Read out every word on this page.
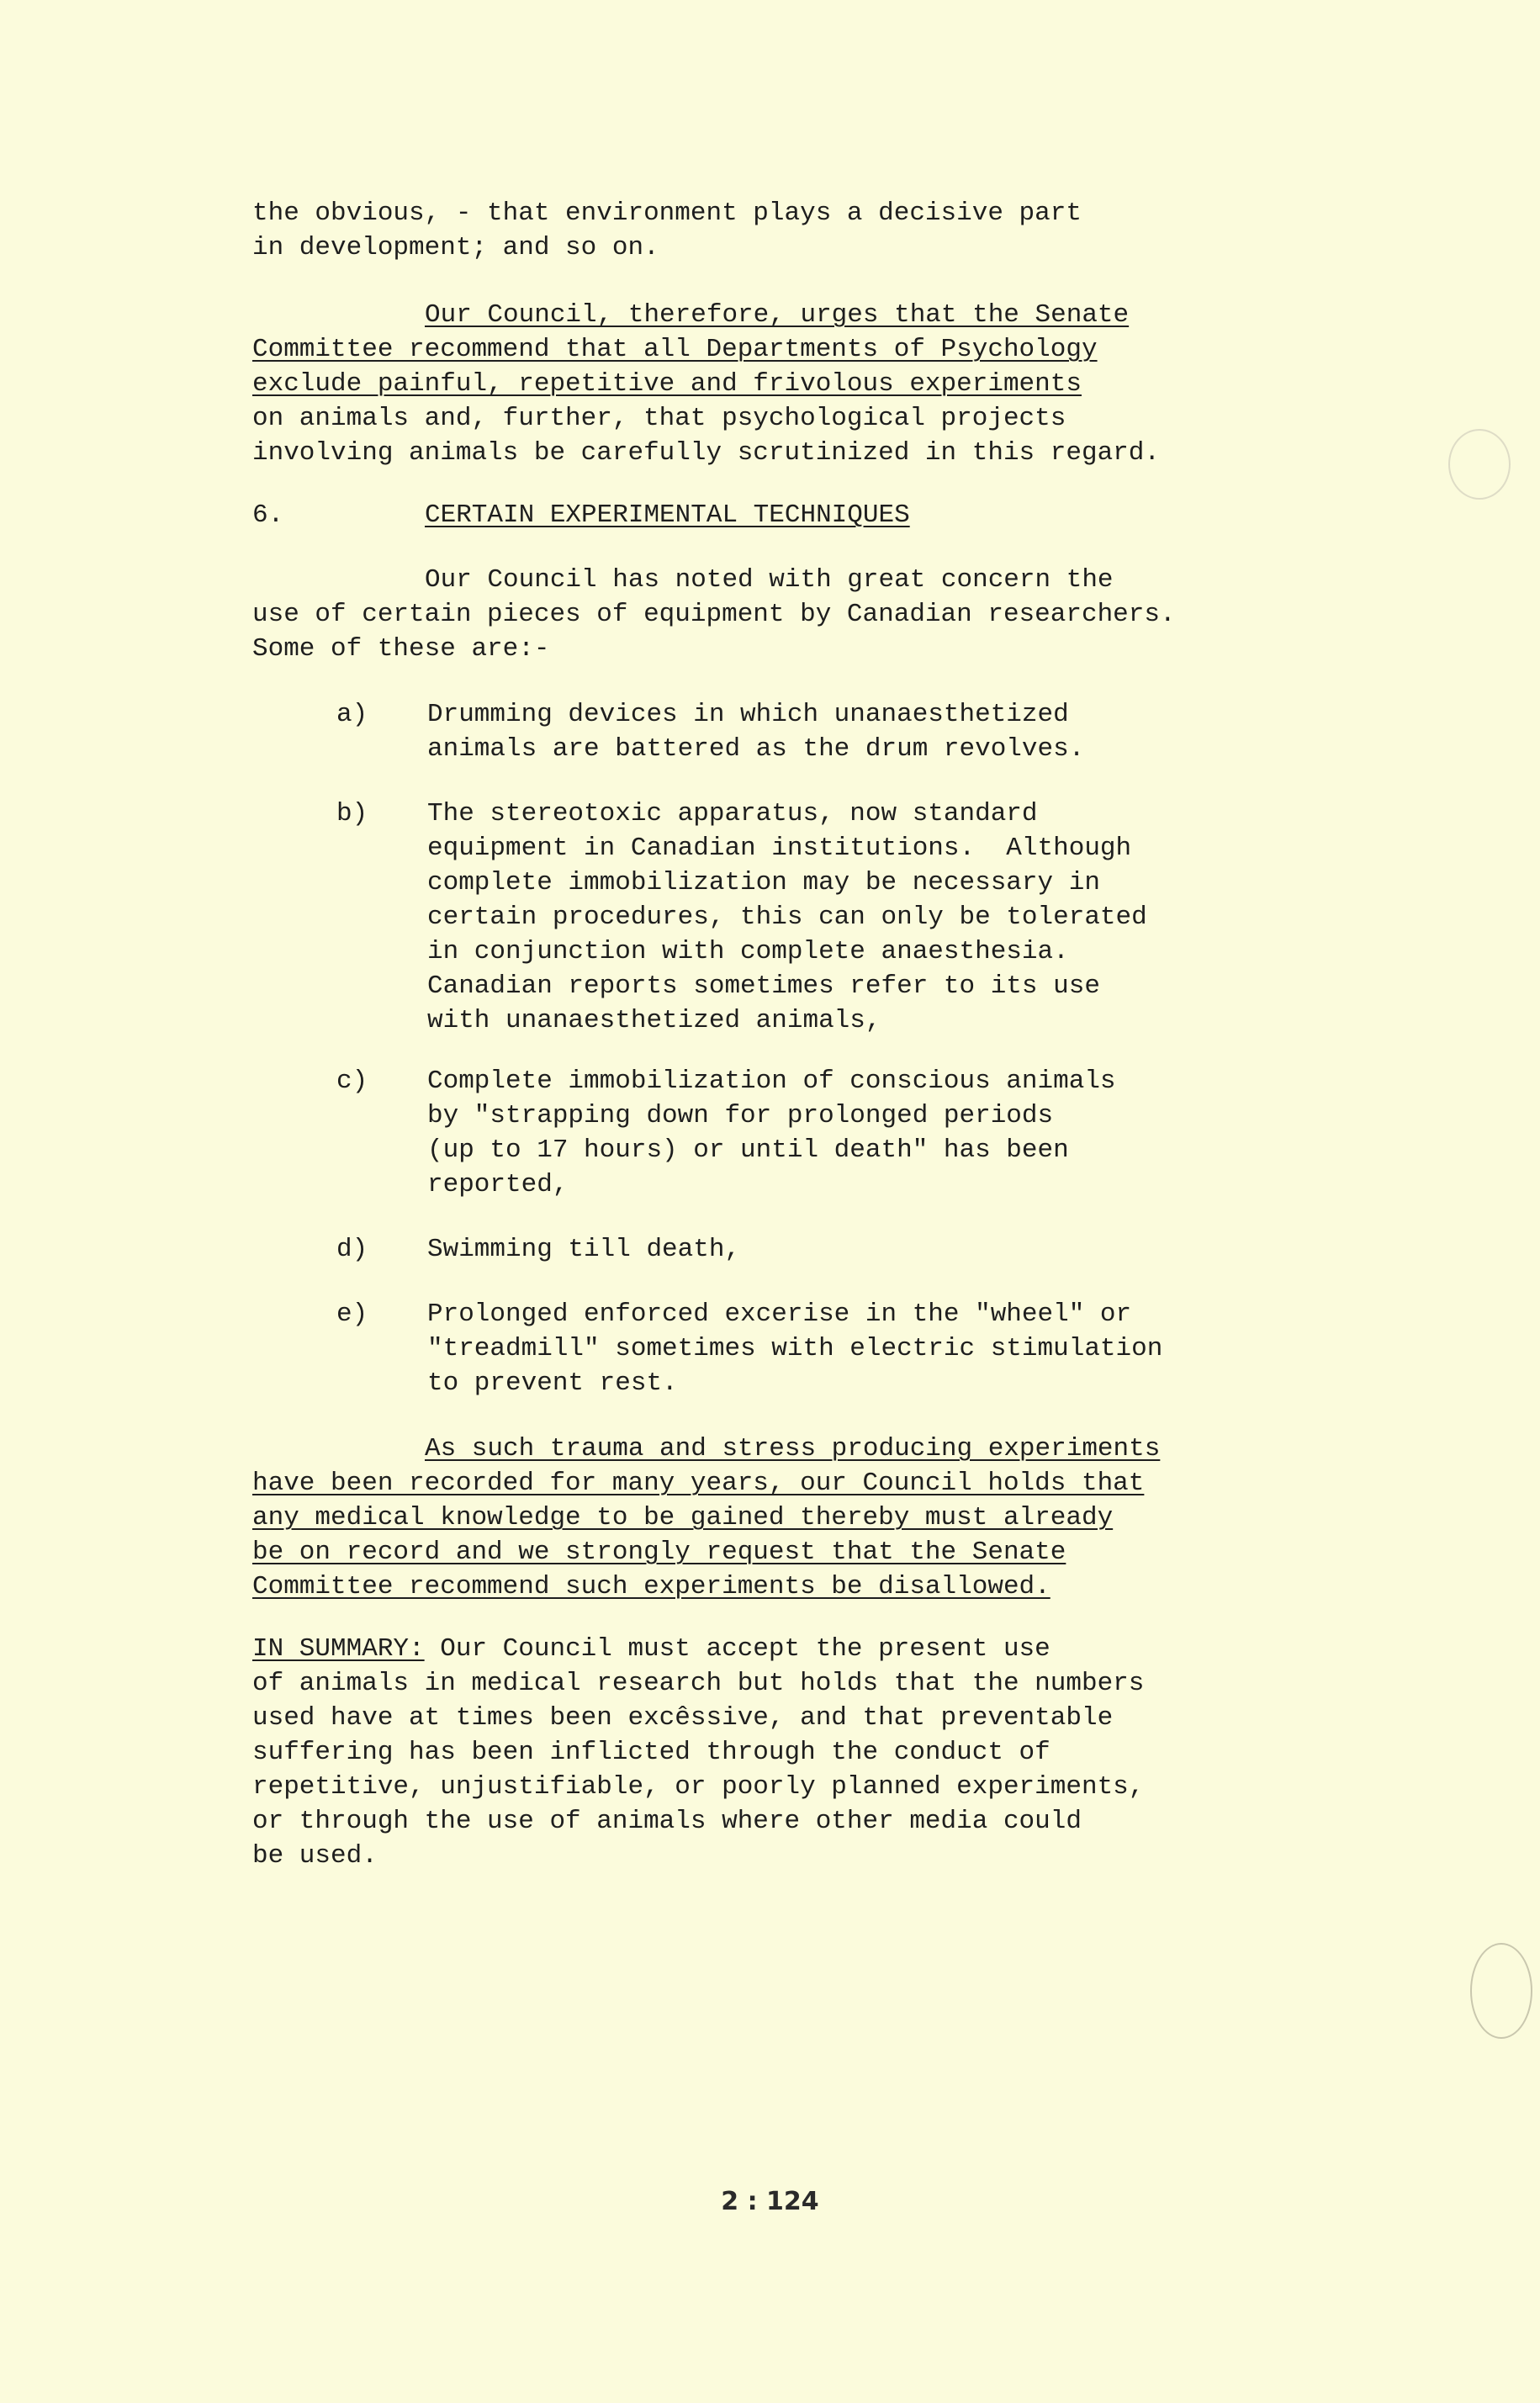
the obvious, - that environment plays a decisive part
in development; and so on.
Our Council, therefore, urges that the Senate
Committee recommend that all Departments of Psychology
exclude painful, repetitive and frivolous experiments
on animals and, further, that psychological projects
involving animals be carefully scrutinized in this regard.
6.	CERTAIN EXPERIMENTAL TECHNIQUES
Our Council has noted with great concern the
use of certain pieces of equipment by Canadian researchers.
Some of these are:-
a) Drumming devices in which unanaesthetized
animals are battered as the drum revolves.
b) The stereotoxic apparatus, now standard
equipment in Canadian institutions.  Although
complete immobilization may be necessary in
certain procedures, this can only be tolerated
in conjunction with complete anaesthesia.
Canadian reports sometimes refer to its use
with unanaesthetized animals,
c) Complete immobilization of conscious animals
by "strapping down for prolonged periods
(up to 17 hours) or until death" has been
reported,
d) Swimming till death,
e) Prolonged enforced excerise in the "wheel" or
"treadmill" sometimes with electric stimulation
to prevent rest.
As such trauma and stress producing experiments
have been recorded for many years, our Council holds that
any medical knowledge to be gained thereby must already
be on record and we strongly request that the Senate
Committee recommend such experiments be disallowed.
IN SUMMARY: Our Council must accept the present use
of animals in medical research but holds that the numbers
used have at times been excêssive, and that preventable
suffering has been inflicted through the conduct of
repetitive, unjustifiable, or poorly planned experiments,
or through the use of animals where other media could
be used.
2 : 124
